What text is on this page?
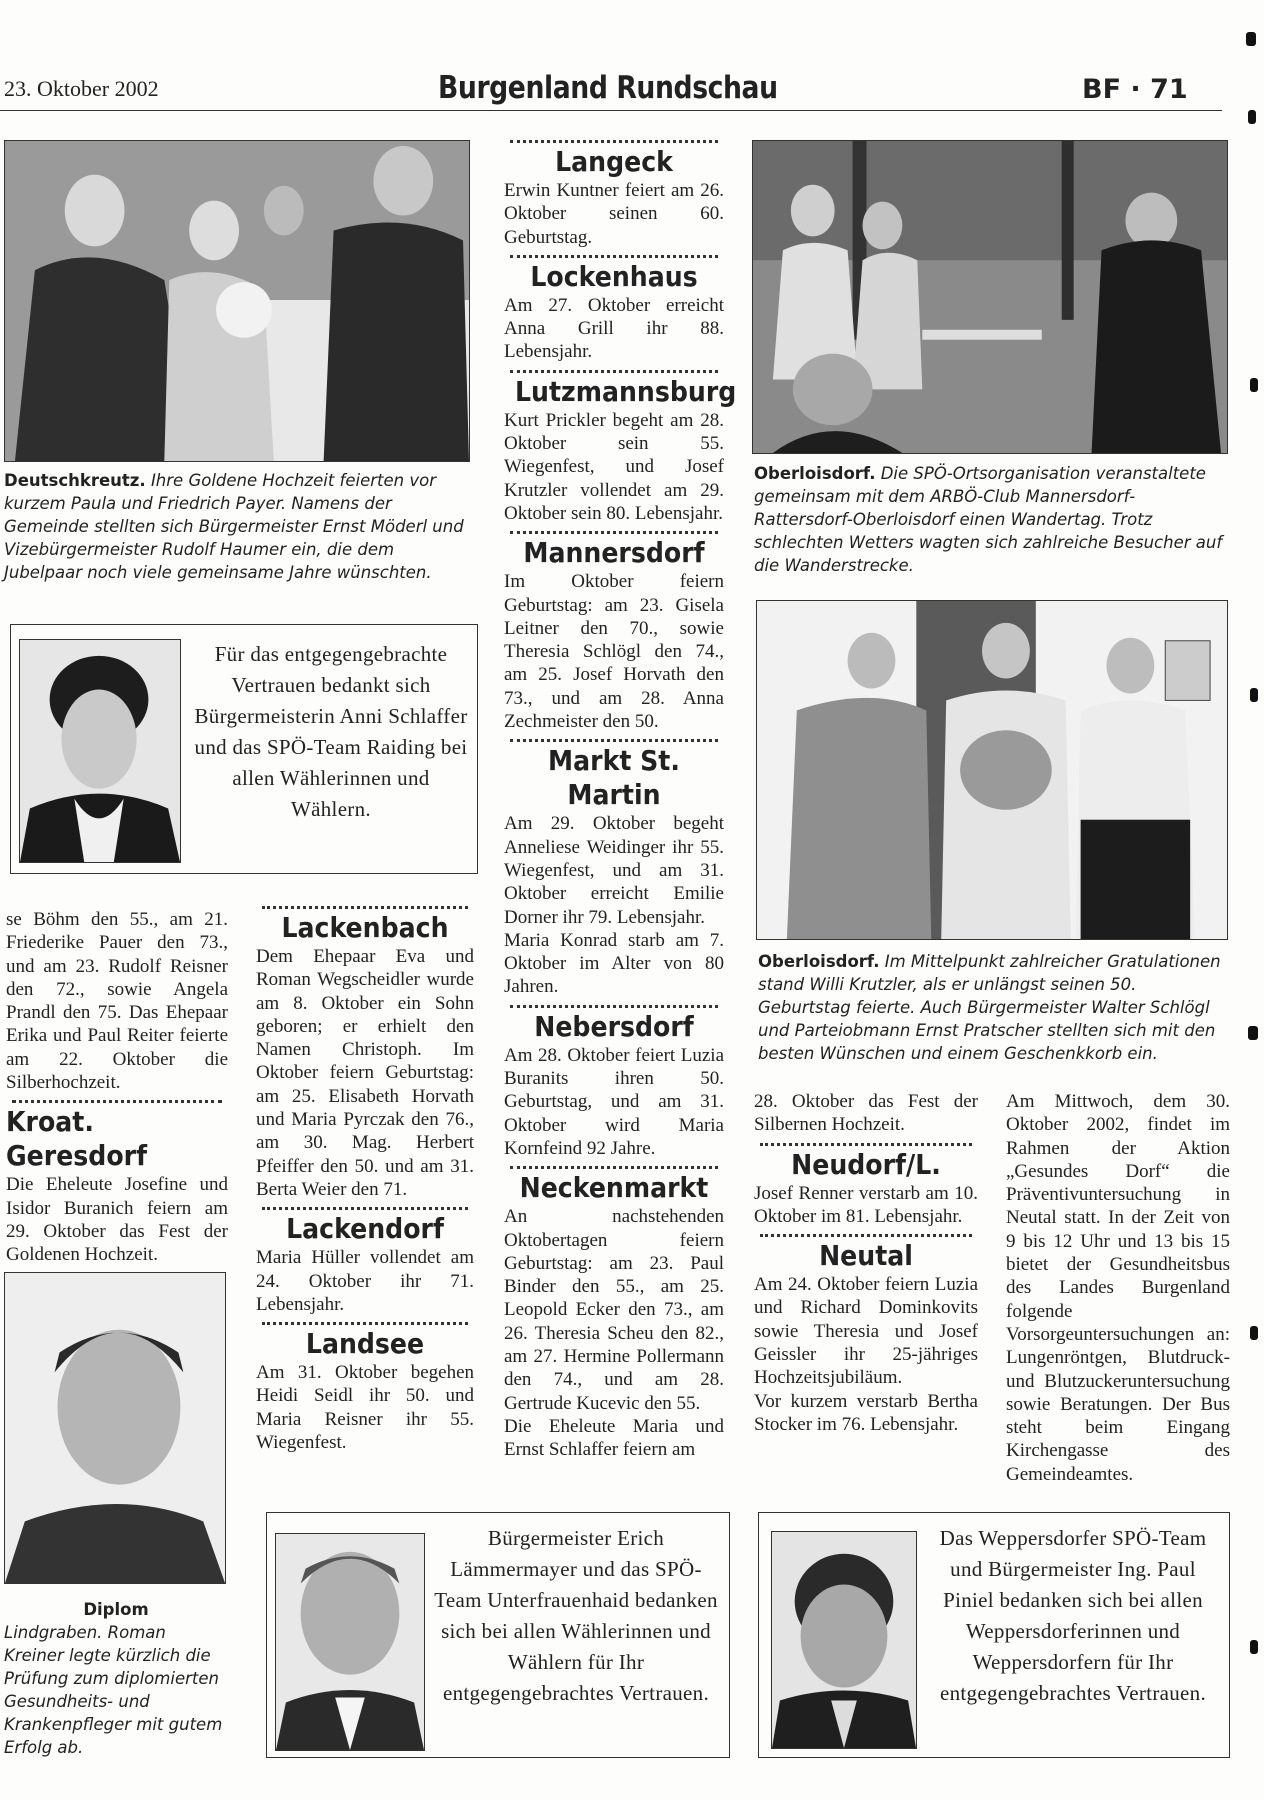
23. Oktober 2002	Burgenland Rundschau	BF · 71
Deutschkreutz. Ihre Goldene Hochzeit feierten vor kurzem Paula und Friedrich Payer. Namens der Gemeinde stellten sich Bürgermeister Ernst Möderl und Vizebürgermeister Rudolf Haumer ein, die dem Jubelpaar noch viele gemeinsame Jahre wünschten.
Für das entgegengebrachte Vertrauen bedankt sich Bürgermeisterin Anni Schlaffer und das SPÖ-Team Raiding bei allen Wählerinnen und Wählern.
se Böhm den 55., am 21. Friederike Pauer den 73., und am 23. Rudolf Reisner den 72., sowie Angela Prandl den 75. Das Ehepaar Erika und Paul Reiter feierte am 22. Oktober die Silberhochzeit.
Kroat. Geresdorf
Die Eheleute Josefine und Isidor Buranich feiern am 29. Oktober das Fest der Goldenen Hochzeit.
Diplom
Lindgraben. Roman Kreiner legte kürzlich die Prüfung zum diplomierten Gesundheits- und Krankenpfleger mit gutem Erfolg ab.
Lackenbach
Dem Ehepaar Eva und Roman Wegscheidler wurde am 8. Oktober ein Sohn geboren; er erhielt den Namen Christoph. Im Oktober feiern Geburtstag: am 25. Elisabeth Horvath und Maria Pyrczak den 76., am 30. Mag. Herbert Pfeiffer den 50. und am 31. Berta Weier den 71.
Lackendorf
Maria Hüller vollendet am 24. Oktober ihr 71. Lebensjahr.
Landsee
Am 31. Oktober begehen Heidi Seidl ihr 50. und Maria Reisner ihr 55. Wiegenfest.
Langeck
Erwin Kuntner feiert am 26. Oktober seinen 60. Geburtstag.
Lockenhaus
Am 27. Oktober erreicht Anna Grill ihr 88. Lebensjahr.
Lutzmannsburg
Kurt Prickler begeht am 28. Oktober sein 55. Wiegenfest, und Josef Krutzler vollendet am 29. Oktober sein 80. Lebensjahr.
Mannersdorf
Im Oktober feiern Geburtstag: am 23. Gisela Leitner den 70., sowie Theresia Schlögl den 74., am 25. Josef Horvath den 73., und am 28. Anna Zechmeister den 50.
Markt St. Martin
Am 29. Oktober begeht Anneliese Weidinger ihr 55. Wiegenfest, und am 31. Oktober erreicht Emilie Dorner ihr 79. Lebensjahr.
Maria Konrad starb am 7. Oktober im Alter von 80 Jahren.
Nebersdorf
Am 28. Oktober feiert Luzia Buranits ihren 50. Geburtstag, und am 31. Oktober wird Maria Kornfeind 92 Jahre.
Neckenmarkt
An nachstehenden Oktobertagen feiern Geburtstag: am 23. Paul Binder den 55., am 25. Leopold Ecker den 73., am 26. Theresia Scheu den 82., am 27. Hermine Pollermann den 74., und am 28. Gertrude Kucevic den 55.
Die Eheleute Maria und Ernst Schlaffer feiern am
Oberloisdorf. Die SPÖ-Ortsorganisation veranstaltete gemeinsam mit dem ARBÖ-Club Mannersdorf-Rattersdorf-Oberloisdorf einen Wandertag. Trotz schlechten Wetters wagten sich zahlreiche Besucher auf die Wanderstrecke.
Oberloisdorf. Im Mittelpunkt zahlreicher Gratulationen stand Willi Krutzler, als er unlängst seinen 50. Geburtstag feierte. Auch Bürgermeister Walter Schlögl und Parteiobmann Ernst Pratscher stellten sich mit den besten Wünschen und einem Geschenkkorb ein.
28. Oktober das Fest der Silbernen Hochzeit.
Neudorf/L.
Josef Renner verstarb am 10. Oktober im 81. Lebensjahr.
Neutal
Am 24. Oktober feiern Luzia und Richard Dominkovits sowie Theresia und Josef Geissler ihr 25-jähriges Hochzeitsjubiläum.
Vor kurzem verstarb Bertha Stocker im 76. Lebensjahr.
Am Mittwoch, dem 30. Oktober 2002, findet im Rahmen der Aktion „Gesundes Dorf“ die Präventivuntersuchung in Neutal statt. In der Zeit von 9 bis 12 Uhr und 13 bis 15 bietet der Gesundheitsbus des Landes Burgenland folgende Vorsorgeuntersuchungen an: Lungenröntgen, Blutdruck- und Blutzuckeruntersuchung sowie Beratungen. Der Bus steht beim Eingang Kirchengasse des Gemeindeamtes.
Bürgermeister Erich Lämmermayer und das SPÖ-Team Unterfrauenhaid bedanken sich bei allen Wählerinnen und Wählern für Ihr entgegengebrachtes Vertrauen.
Das Weppersdorfer SPÖ-Team und Bürgermeister Ing. Paul Piniel bedanken sich bei allen Weppersdorferinnen und Weppersdorfern für Ihr entgegengebrachtes Vertrauen.
